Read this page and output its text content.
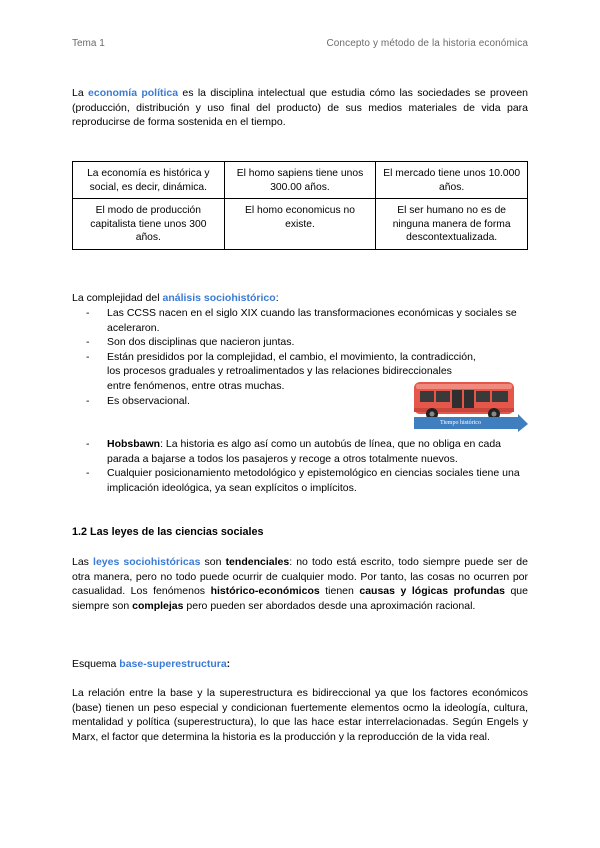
Tema 1	Concepto y método de la historia económica

La economía política es la disciplina intelectual que estudia cómo las sociedades se proveen (producción, distribución y uso final del producto) de sus medios materiales de vida para reproducirse de forma sostenida en el tiempo.

La economía es histórica y social, es decir, dinámica.	El homo sapiens tiene unos 300.00 años.	El mercado tiene unos 10.000 años.
El modo de producción capitalista tiene unos 300 años.	El homo economicus no existe.	El ser humano no es de ninguna manera de forma descontextualizada.

La complejidad del análisis sociohistórico:

- Las CCSS nacen en el siglo XIX cuando las transformaciones económicas y sociales se aceleraron.
- Son dos disciplinas que nacieron juntas.
- Están presididos por la complejidad, el cambio, el movimiento, la contradicción, los procesos graduales y retroalimentados y las relaciones bidireccionales entre fenómenos, entre otras muchas.
- Es observacional.
Tiempo histórico
- Hobsbawn: La historia es algo así como un autobús de línea, que no obliga en cada parada a bajarse a todos los pasajeros y recoge a otros totalmente nuevos.
- Cualquier posicionamiento metodológico y epistemológico en ciencias sociales tiene una implicación ideológica, ya sean explícitos o implícitos.
1.2 Las leyes de las ciencias sociales

Las leyes sociohistóricas son tendenciales: no todo está escrito, todo siempre puede ser de otra manera, pero no todo puede ocurrir de cualquier modo. Por tanto, las cosas no ocurren por casualidad. Los fenómenos histórico-económicos tienen causas y lógicas profundas que siempre son complejas pero pueden ser abordados desde una aproximación racional.

Esquema base-superestructura:

La relación entre la base y la superestructura es bidireccional ya que los factores económicos (base) tienen un peso especial y condicionan fuertemente elementos ocmo la ideología, cultura, mentalidad y política (superestructura), lo que las hace estar interrelacionadas. Según Engels y Marx, el factor que determina la historia es la producción y la reproducción de la vida real.
